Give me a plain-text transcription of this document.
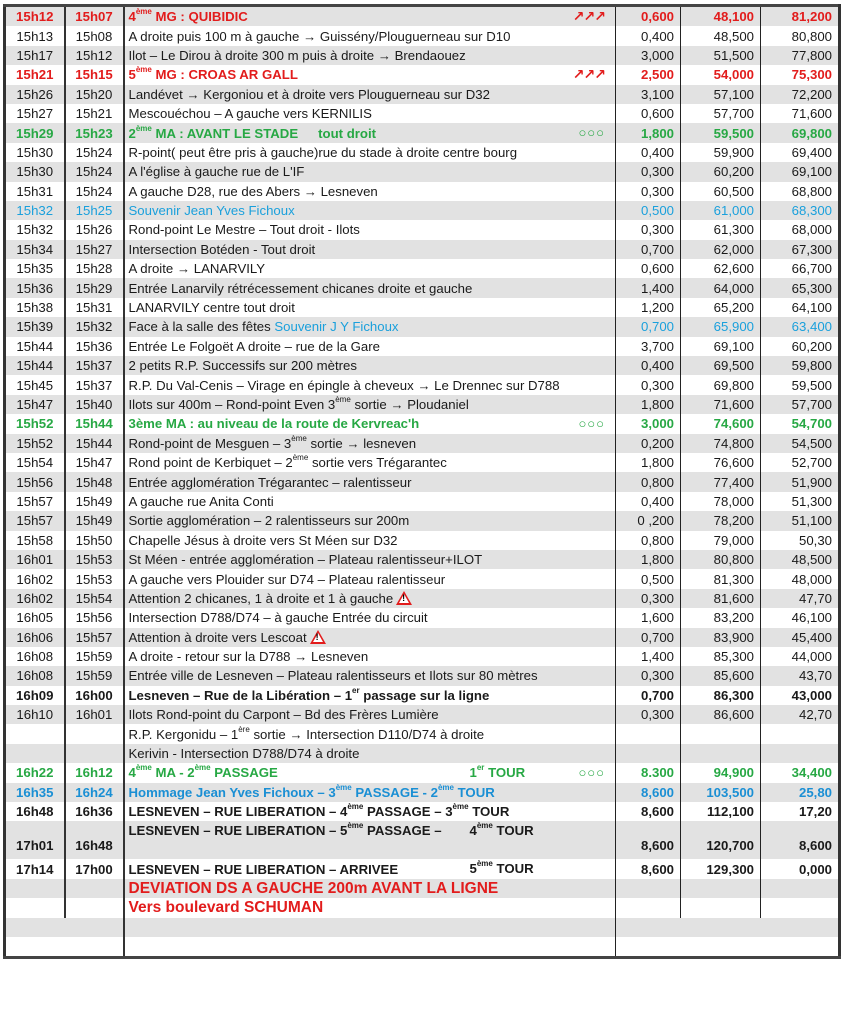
15h12	15h07	4ème MG : QUIBIDIC ↗↗↗	0,600	48,100	81,200
15h13	15h08	A droite puis 100 m à gauche → Guissény/Plouguerneau sur D10	0,400	48,500	80,800
15h17	15h12	Ilot – Le Dirou à droite 300 m puis à droite → Brendaouez	3,000	51,500	77,800
15h21	15h15	5ème MG : CROAS AR GALL ↗↗↗	2,500	54,000	75,300
15h26	15h20	Landévet → Kergoniou et à droite vers Plouguerneau sur D32	3,100	57,100	72,200
15h27	15h21	Mescouéchou – A gauche vers KERNILIS	0,600	57,700	71,600
15h29	15h23	2ème MA : AVANT LE STADE tout droit ○○○	1,800	59,500	69,800
15h30	15h24	R-point( peut être pris à gauche)rue du stade à droite centre bourg	0,400	59,900	69,400
15h30	15h24	A l'église à gauche rue de L'IF	0,300	60,200	69,100
15h31	15h24	A gauche D28, rue des Abers → Lesneven	0,300	60,500	68,800
15h32	15h25	Souvenir Jean Yves Fichoux	0,500	61,000	68,300
15h32	15h26	Rond-point Le Mestre – Tout droit - Ilots	0,300	61,300	68,000
15h34	15h27	Intersection Botéden - Tout droit	0,700	62,000	67,300
15h35	15h28	A droite → LANARVILY	0,600	62,600	66,700
15h36	15h29	Entrée Lanarvily rétrécessement chicanes droite et gauche	1,400	64,000	65,300
15h38	15h31	LANARVILY centre tout droit	1,200	65,200	64,100
15h39	15h32	Face à la salle des fêtes Souvenir J Y Fichoux	0,700	65,900	63,400
15h44	15h36	Entrée Le Folgoët A droite – rue de la Gare	3,700	69,100	60,200
15h44	15h37	2 petits R.P. Successifs sur 200 mètres	0,400	69,500	59,800
15h45	15h37	R.P. Du Val-Cenis – Virage en épingle à cheveux → Le Drennec sur D788	0,300	69,800	59,500
15h47	15h40	Ilots sur 400m – Rond-point Even 3ème sortie → Ploudaniel	1,800	71,600	57,700
15h52	15h44	3ème MA : au niveau de la route de Kervreac'h ○○○	3,000	74,600	54,700
15h52	15h44	Rond-point de Mesguen – 3ème sortie → lesneven	0,200	74,800	54,500
15h54	15h47	Rond point de Kerbiquet – 2ème sortie vers Trégarantec	1,800	76,600	52,700
15h56	15h48	Entrée agglomération Trégarantec – ralentisseur	0,800	77,400	51,900
15h57	15h49	A gauche rue Anita Conti	0,400	78,000	51,300
15h57	15h49	Sortie agglomération – 2 ralentisseurs sur 200m	0 ,200	78,200	51,100
15h58	15h50	Chapelle Jésus à droite vers St Méen sur D32	0,800	79,000	50,30
16h01	15h53	St Méen - entrée agglomération – Plateau ralentisseur+ILOT	1,800	80,800	48,500
16h02	15h53	A gauche vers Plouider sur D74 – Plateau ralentisseur	0,500	81,300	48,000
16h02	15h54	Attention 2 chicanes, 1 à droite et 1 à gauche!	0,300	81,600	47,70
16h05	15h56	Intersection D788/D74 – à gauche Entrée du circuit	1,600	83,200	46,100
16h06	15h57	Attention à droite vers Lescoat!	0,700	83,900	45,400
16h08	15h59	A droite - retour sur la D788 → Lesneven	1,400	85,300	44,000
16h08	15h59	Entrée ville de Lesneven – Plateau ralentisseurs et Ilots sur 80 mètres	0,300	85,600	43,70
16h09	16h00	Lesneven – Rue de la Libération – 1er passage sur la ligne	0,700	86,300	43,000
16h10	16h01	Ilots Rond-point du Carpont – Bd des Frères Lumière	0,300	86,600	42,70
		R.P. Kergonidu – 1ère sortie → Intersection D110/D74 à droite			
		Kerivin - Intersection D788/D74 à droite			
16h22	16h12	4ème MA - 2ème PASSAGE 1er TOUR ○○○	8.300	94,900	34,400
16h35	16h24	Hommage Jean Yves Fichoux – 3ème PASSAGE - 2ème TOUR	8,600	103,500	25,80
16h48	16h36	LESNEVEN – RUE LIBERATION – 4ème PASSAGE – 3ème TOUR	8,600	112,100	17,20
17h01	16h48	LESNEVEN – RUE LIBERATION – 5ème PASSAGE – 4ème TOUR	8,600	120,700	8,600
17h14	17h00	LESNEVEN – RUE LIBERATION – ARRIVEE 5ème TOUR	8,600	129,300	0,000
		DEVIATION DS A GAUCHE 200m AVANT LA LIGNE			
		Vers boulevard SCHUMAN			
